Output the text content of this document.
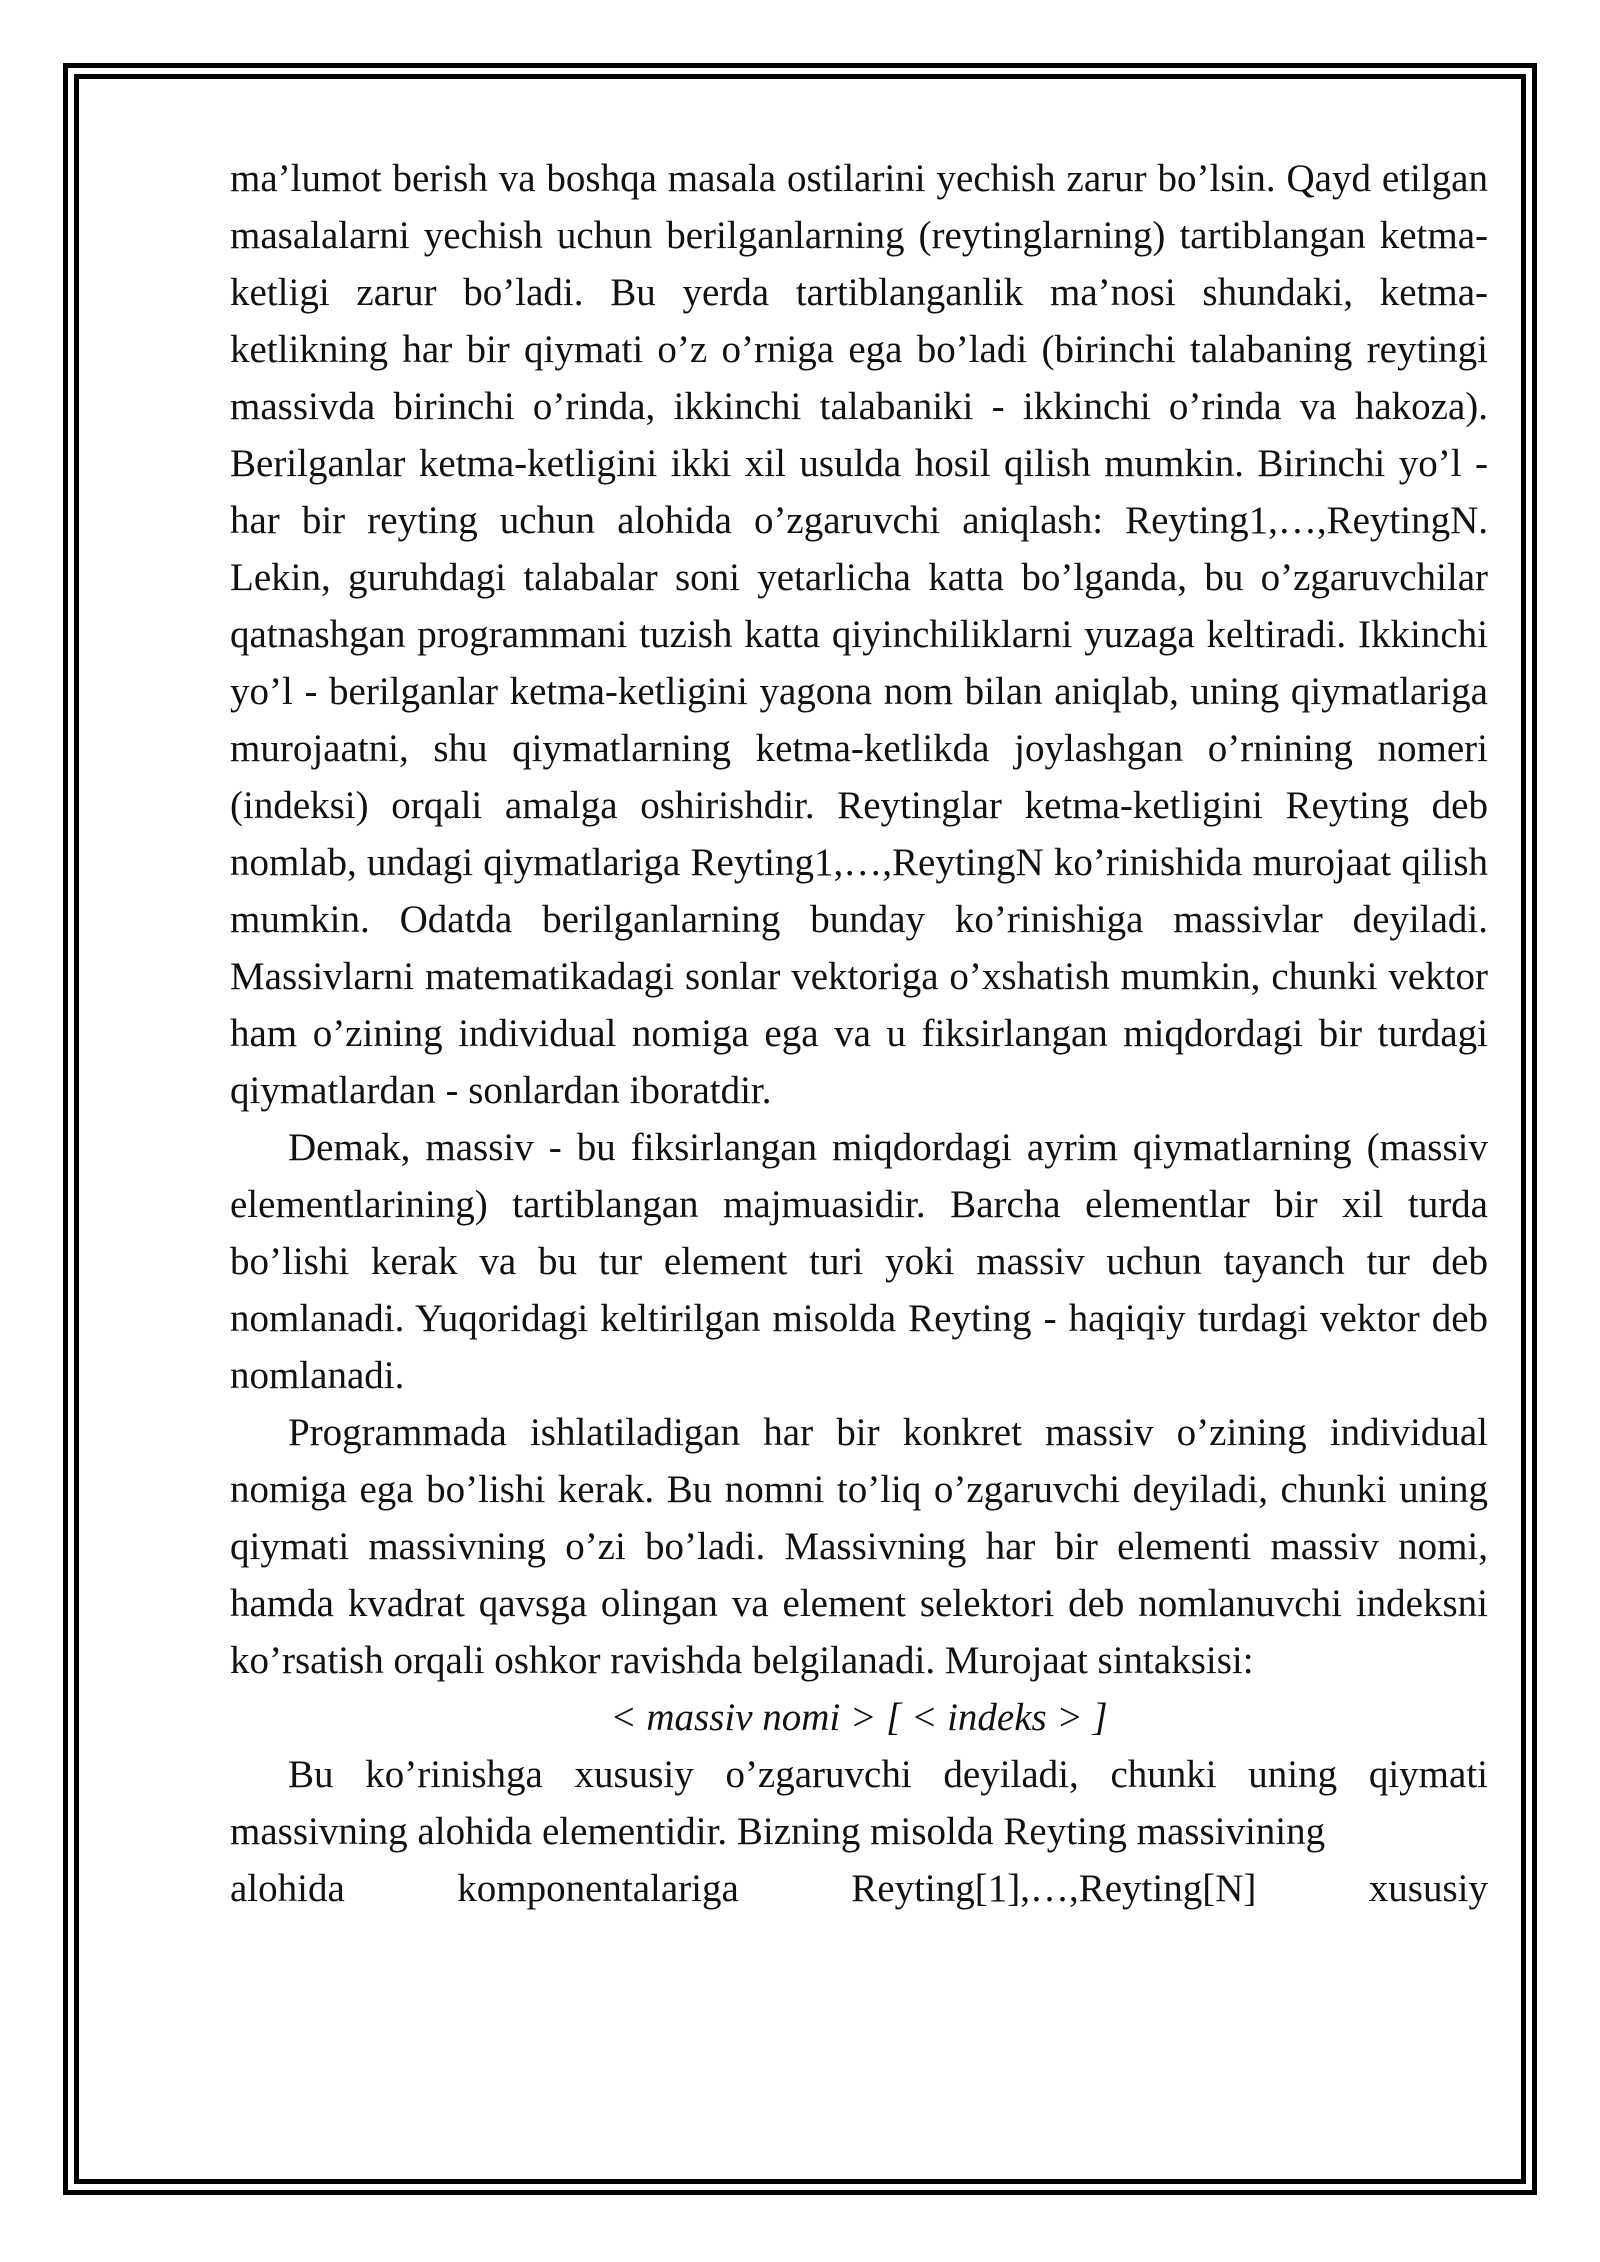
ma’lumot berish va boshqa masala ostilarini yechish zarur bo’lsin. Qayd etilgan masalalarni yechish uchun berilganlarning (reytinglarning) tartiblangan ketma-ketligi zarur bo’ladi. Bu yerda tartiblanganlik ma’nosi shundaki, ketma-ketlikning har bir qiymati o’z o’rniga ega bo’ladi (birinchi talabaning reytingi massivda birinchi o’rinda, ikkinchi talabaniki - ikkinchi o’rinda va hakoza). Berilganlar ketma-ketligini ikki xil usulda hosil qilish mumkin. Birinchi yo’l - har bir reyting uchun alohida o’zgaruvchi aniqlash: Reyting1,…,ReytingN. Lekin, guruhdagi talabalar soni yetarlicha katta bo’lganda, bu o’zgaruvchilar qatnashgan programmani tuzish katta qiyinchiliklarni yuzaga keltiradi. Ikkinchi yo’l - berilganlar ketma-ketligini yagona nom bilan aniqlab, uning qiymatlariga murojaatni, shu qiymatlarning ketma-ketlikda joylashgan o’rnining nomeri (indeksi) orqali amalga oshirishdir. Reytinglar ketma-ketligini Reyting deb nomlab, undagi qiymatlariga Reyting1,…,ReytingN ko’rinishida murojaat qilish mumkin. Odatda berilganlarning bunday ko’rinishiga massivlar deyiladi. Massivlarni matematikadagi sonlar vektoriga o’xshatish mumkin, chunki vektor ham o’zining individual nomiga ega va u fiksirlangan miqdordagi bir turdagi qiymatlardan - sonlardan iboratdir.

Demak, massiv - bu fiksirlangan miqdordagi ayrim qiymatlarning (massiv elementlarining) tartiblangan majmuasidir. Barcha elementlar bir xil turda bo’lishi kerak va bu tur element turi yoki massiv uchun tayanch tur deb nomlanadi. Yuqoridagi keltirilgan misolda Reyting - haqiqiy turdagi vektor deb nomlanadi.

Programmada ishlatiladigan har bir konkret massiv o’zining individual nomiga ega bo’lishi kerak. Bu nomni to’liq o’zgaruvchi deyiladi, chunki uning qiymati massivning o’zi bo’ladi. Massivning har bir elementi massiv nomi, hamda kvadrat qavsga olingan va element selektori deb nomlanuvchi indeksni ko’rsatish orqali oshkor ravishda belgilanadi. Murojaat sintaksisi:

< massiv nomi > [ < indeks > ]

Bu ko’rinishga xususiy o’zgaruvchi deyiladi, chunki uning qiymati massivning alohida elementidir. Bizning misolda Reyting massivining

alohida	komponentalariga	Reyting[1],…,Reyting[N]	xususiy
